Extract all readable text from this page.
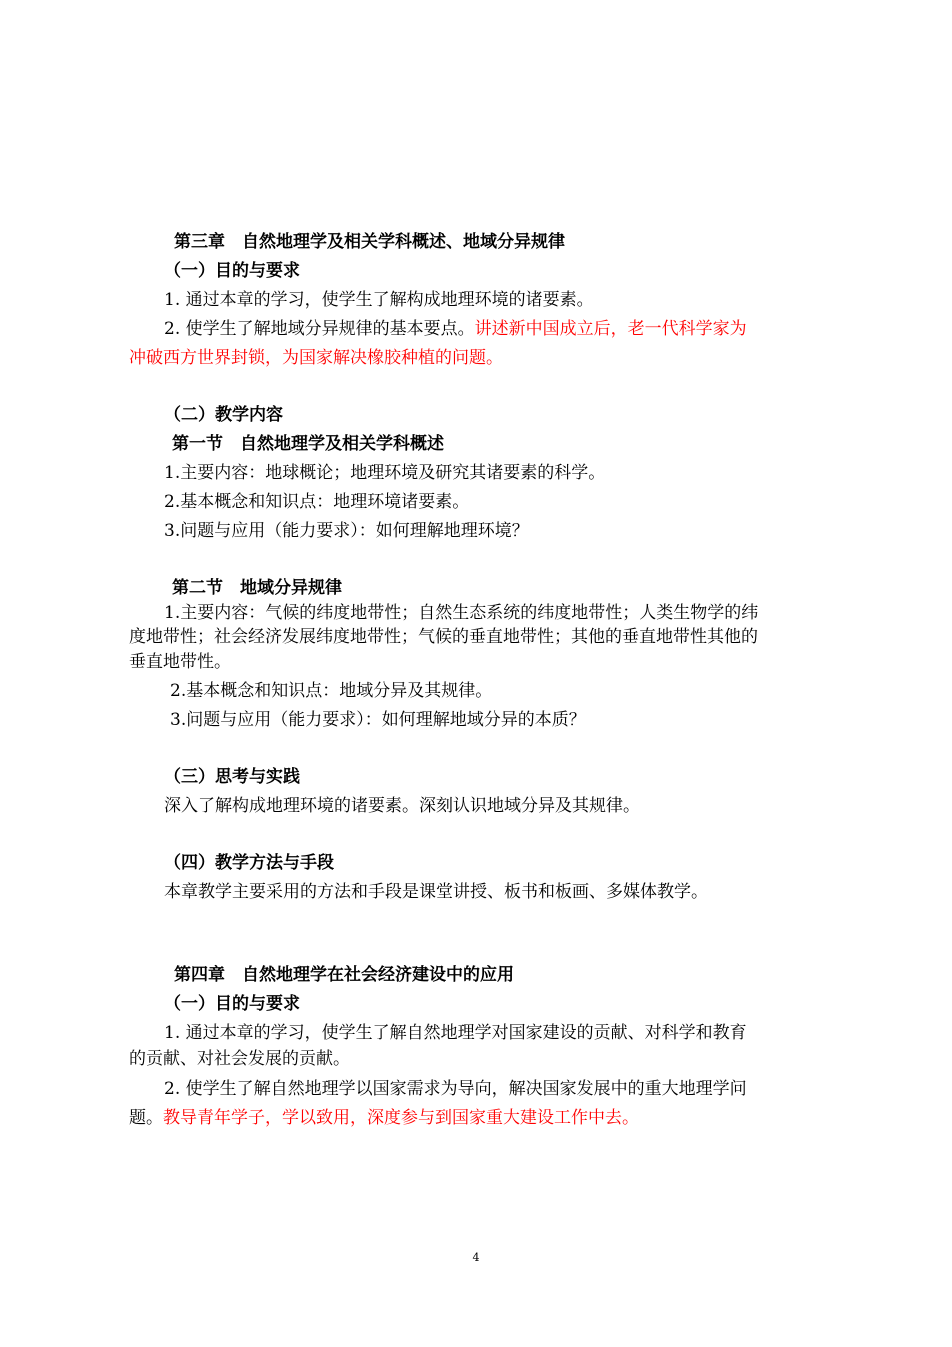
第三章　自然地理学及相关学科概述、地域分异规律
（一）目的与要求
1. 通过本章的学习，使学生了解构成地理环境的诸要素。
2. 使学生了解地域分异规律的基本要点。讲述新中国成立后，老一代科学家为
冲破西方世界封锁，为国家解决橡胶种植的问题。
（二）教学内容
第一节　自然地理学及相关学科概述
1.主要内容：地球概论；地理环境及研究其诸要素的科学。
2.基本概念和知识点：地理环境诸要素。
3.问题与应用（能力要求）：如何理解地理环境？
第二节　地域分异规律
1.主要内容：气候的纬度地带性；自然生态系统的纬度地带性；人类生物学的纬
度地带性；社会经济发展纬度地带性；气候的垂直地带性；其他的垂直地带性其他的
垂直地带性。
2.基本概念和知识点：地域分异及其规律。
3.问题与应用（能力要求）：如何理解地域分异的本质？
（三）思考与实践
深入了解构成地理环境的诸要素。深刻认识地域分异及其规律。
（四）教学方法与手段
本章教学主要采用的方法和手段是课堂讲授、板书和板画、多媒体教学。
第四章　自然地理学在社会经济建设中的应用
（一）目的与要求
1. 通过本章的学习，使学生了解自然地理学对国家建设的贡献、对科学和教育
的贡献、对社会发展的贡献。
2. 使学生了解自然地理学以国家需求为导向，解决国家发展中的重大地理学问
题。教导青年学子，学以致用，深度参与到国家重大建设工作中去。
4
